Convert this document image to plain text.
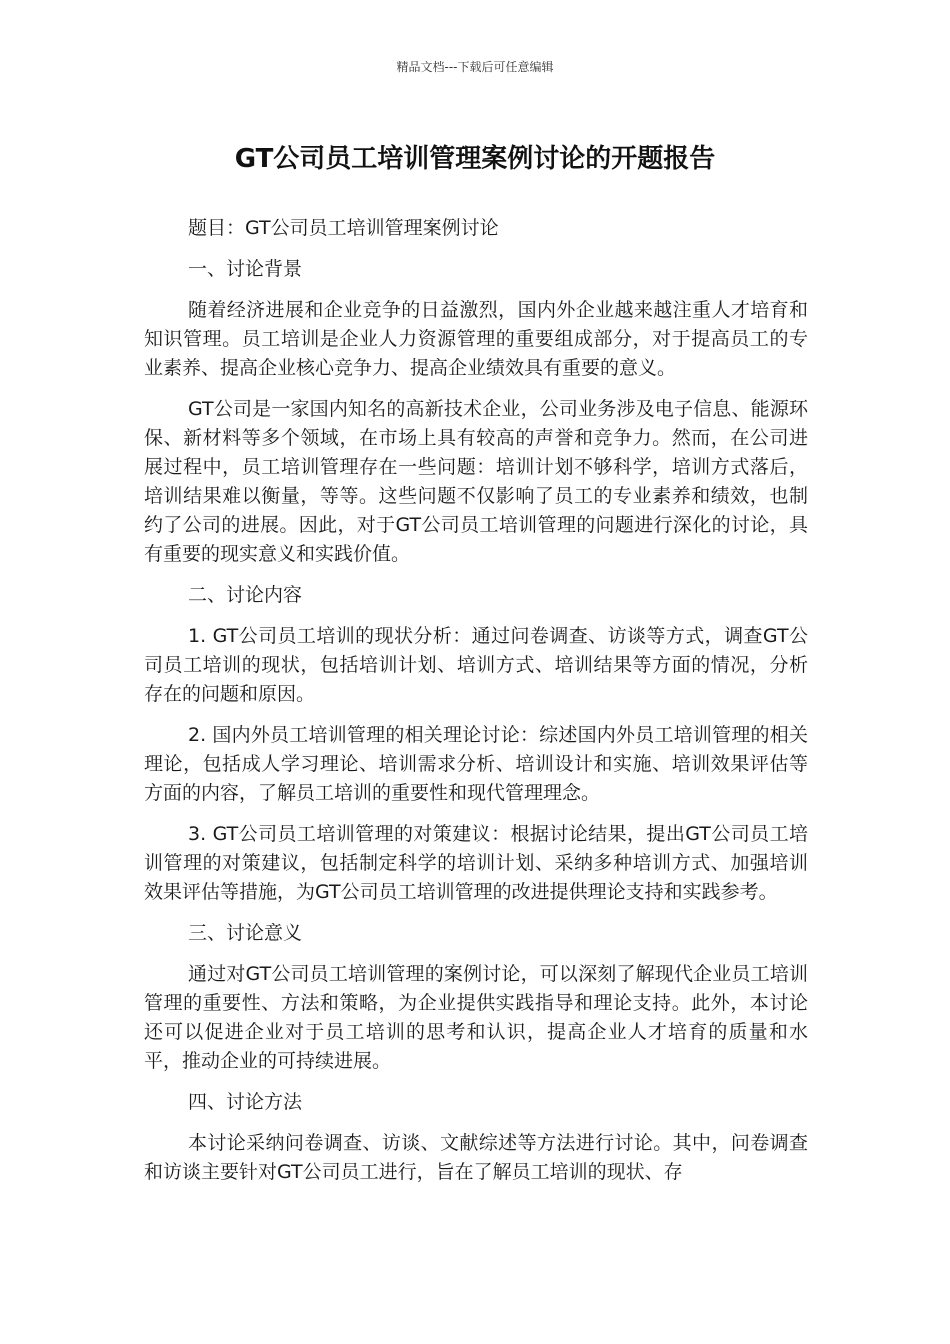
精品文档---下载后可任意编辑
GT公司员工培训管理案例讨论的开题报告

题目：GT公司员工培训管理案例讨论

一、讨论背景

随着经济进展和企业竞争的日益激烈，国内外企业越来越注重人才培育和知识管理。员工培训是企业人力资源管理的重要组成部分，对于提高员工的专业素养、提高企业核心竞争力、提高企业绩效具有重要的意义。

GT公司是一家国内知名的高新技术企业，公司业务涉及电子信息、能源环保、新材料等多个领域，在市场上具有较高的声誉和竞争力。然而，在公司进展过程中，员工培训管理存在一些问题：培训计划不够科学，培训方式落后，培训结果难以衡量，等等。这些问题不仅影响了员工的专业素养和绩效，也制约了公司的进展。因此，对于GT公司员工培训管理的问题进行深化的讨论，具有重要的现实意义和实践价值。

二、讨论内容

1. GT公司员工培训的现状分析：通过问卷调查、访谈等方式，调查GT公司员工培训的现状，包括培训计划、培训方式、培训结果等方面的情况，分析存在的问题和原因。

2. 国内外员工培训管理的相关理论讨论：综述国内外员工培训管理的相关理论，包括成人学习理论、培训需求分析、培训设计和实施、培训效果评估等方面的内容，了解员工培训的重要性和现代管理理念。

3. GT公司员工培训管理的对策建议：根据讨论结果，提出GT公司员工培训管理的对策建议，包括制定科学的培训计划、采纳多种培训方式、加强培训效果评估等措施，为GT公司员工培训管理的改进提供理论支持和实践参考。

三、讨论意义

通过对GT公司员工培训管理的案例讨论，可以深刻了解现代企业员工培训管理的重要性、方法和策略，为企业提供实践指导和理论支持。此外，本讨论还可以促进企业对于员工培训的思考和认识，提高企业人才培育的质量和水平，推动企业的可持续进展。

四、讨论方法

本讨论采纳问卷调查、访谈、文献综述等方法进行讨论。其中，问卷调查和访谈主要针对GT公司员工进行，旨在了解员工培训的现状、存
